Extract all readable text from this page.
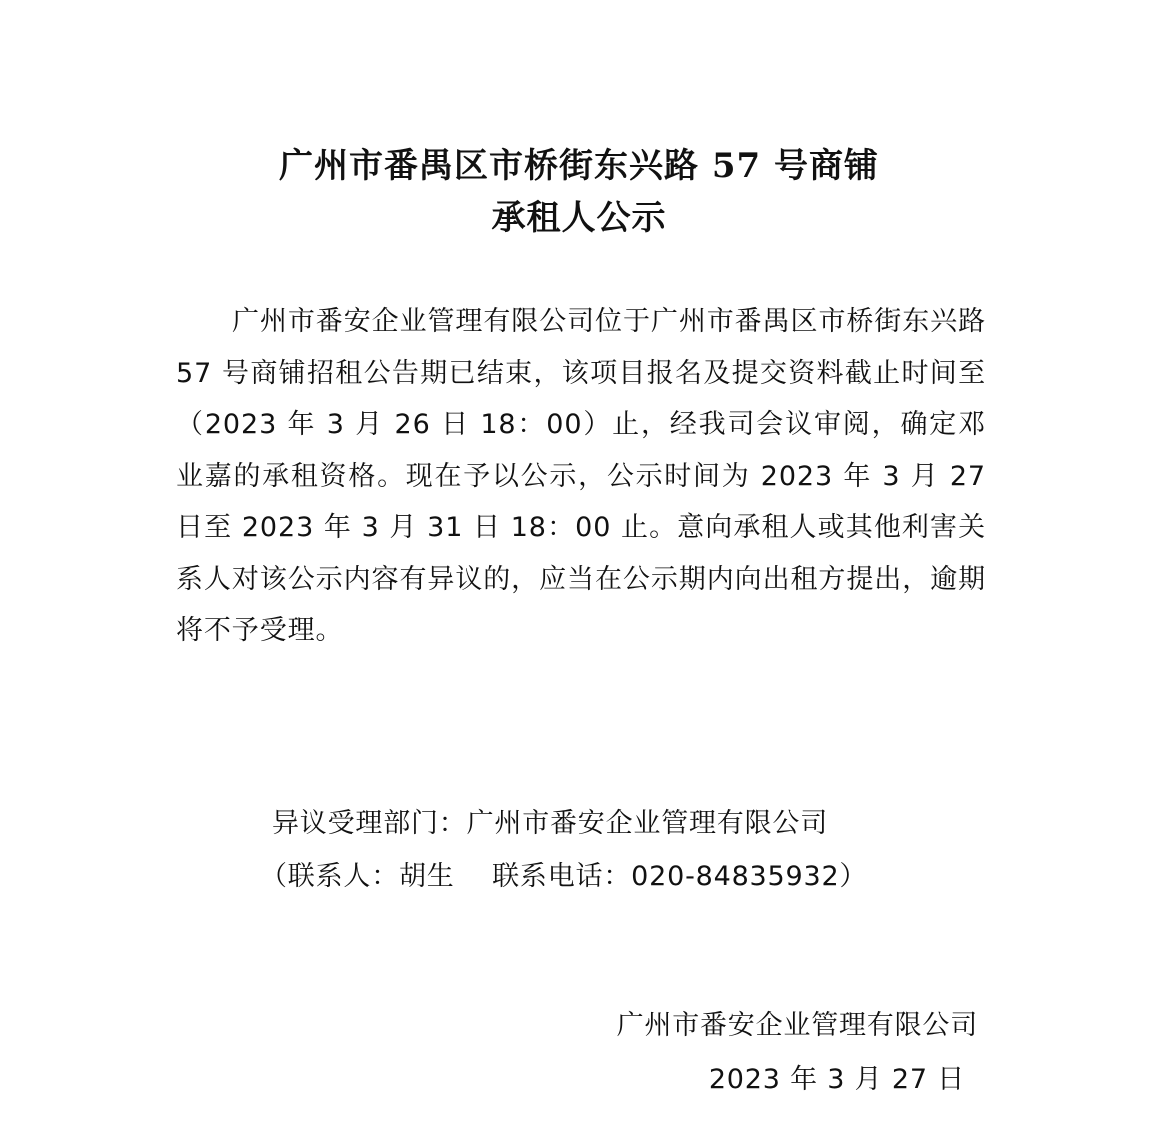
广州市番禺区市桥街东兴路 57 号商铺
承租人公示

广州市番安企业管理有限公司位于广州市番禺区市桥街东兴路 57 号商铺招租公告期已结束，该项目报名及提交资料截止时间至（2023 年 3 月 26 日 18：00）止，经我司会议审阅，确定邓业嘉的承租资格。现在予以公示，公示时间为 2023 年 3 月 27 日至 2023 年 3 月 31 日 18：00 止。意向承租人或其他利害关系人对该公示内容有异议的，应当在公示期内向出租方提出，逾期将不予受理。

异议受理部门：广州市番安企业管理有限公司
（联系人：胡生    联系电话：020-84835932）
广州市番安企业管理有限公司
2023 年 3 月 27 日
